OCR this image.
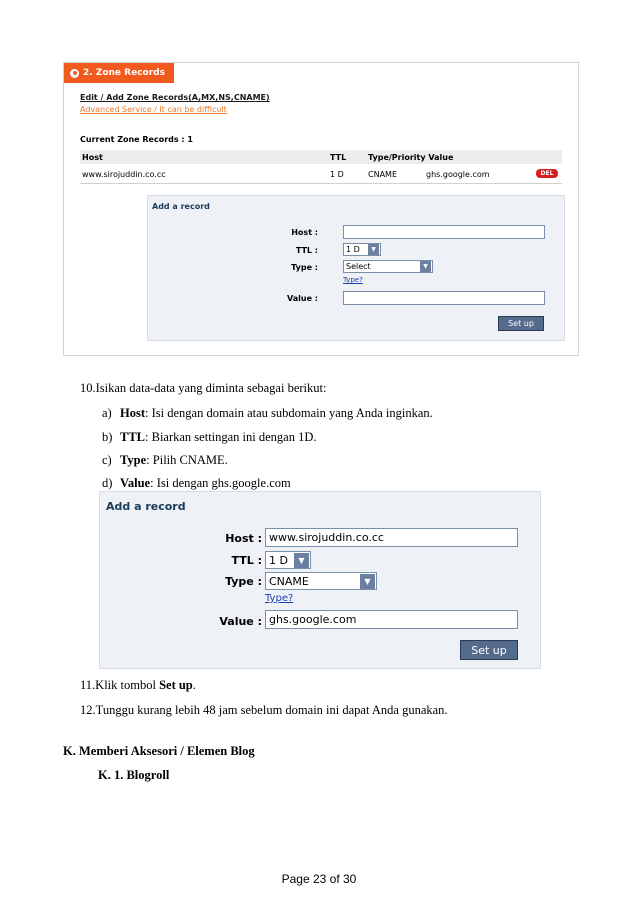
2. Zone Records
Edit / Add Zone Records(A,MX,NS,CNAME)
Advanced Service / It can be difficult
Current Zone Records : 1
Host	TTL	Type/Priority Value
www.sirojuddin.co.cc	1 D	CNAME	ghs.google.com	DEL
Add a record
Host :
TTL :	1 D	▼
Type :	Select	▼
Type?
Value :
Set up
10.Isikan data-data yang diminta sebagai berikut:
a) Host: Isi dengan domain atau subdomain yang Anda inginkan.
b) TTL: Biarkan settingan ini dengan 1D.
c) Type: Pilih CNAME.
d) Value: Isi dengan ghs.google.com
Add a record
Host : www.sirojuddin.co.cc
TTL : 1 D	▼
Type : CNAME	▼
Type?
Value : ghs.google.com
Set up
11.Klik tombol Set up.
12.Tunggu kurang lebih 48 jam sebelum domain ini dapat Anda gunakan.
K. Memberi Aksesori / Elemen Blog
K. 1. Blogroll
Page 23 of 30
